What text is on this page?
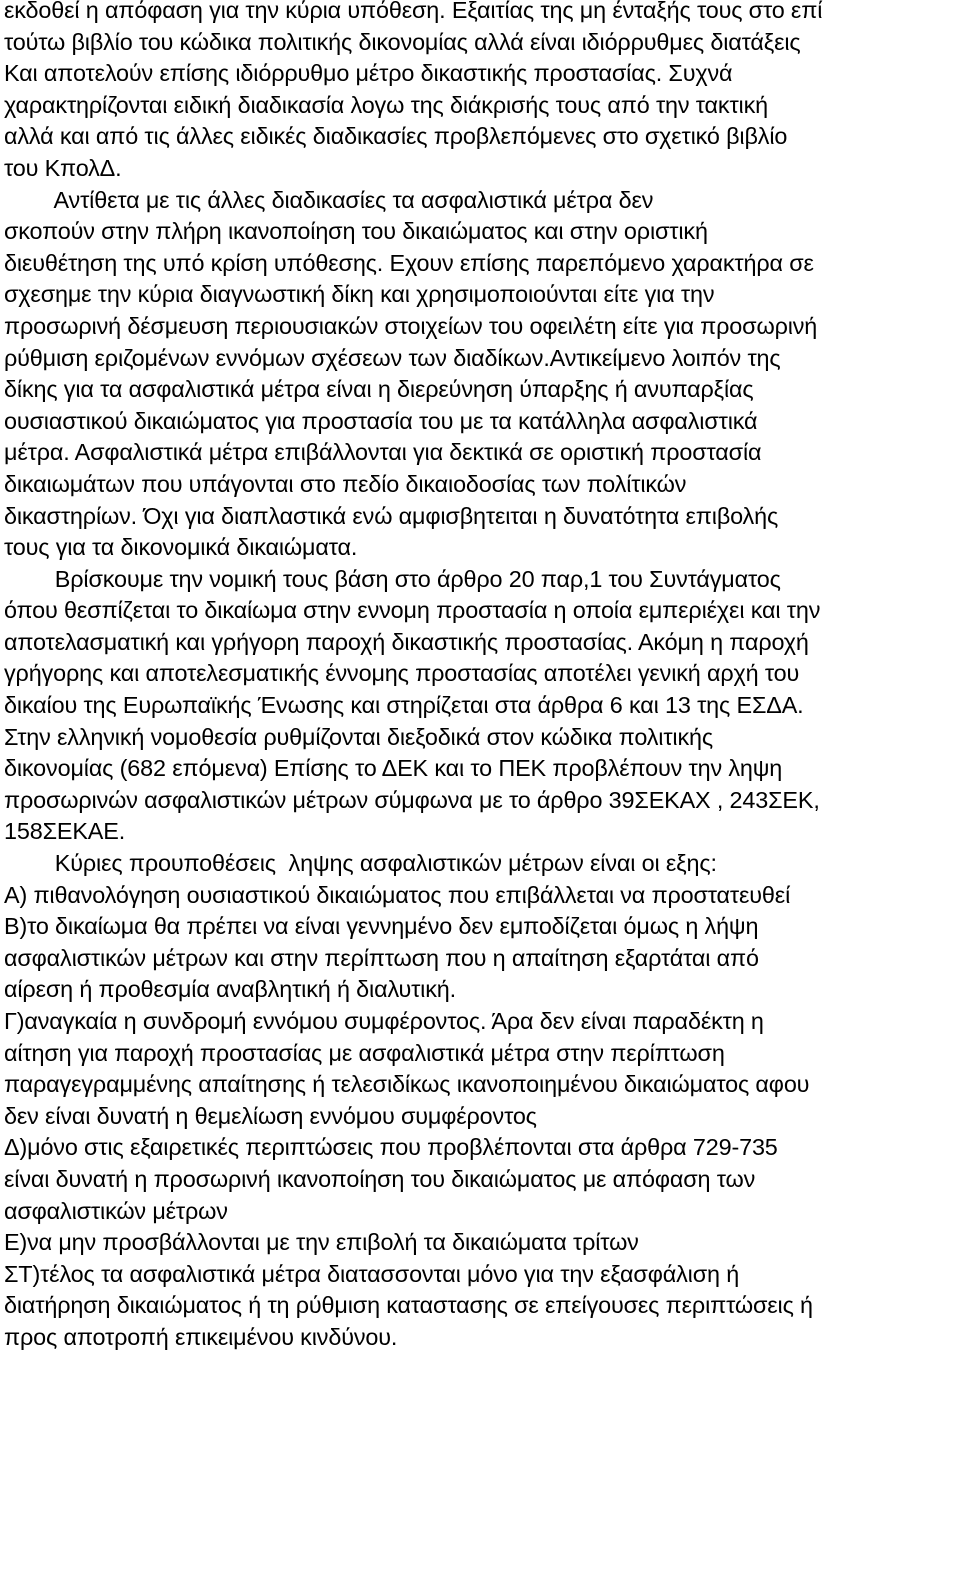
εκδοθεί η απόφαση για την κύρια υπόθεση. Εξαιτίας της μη ένταξής τους στο επί
τούτω βιβλίο του κώδικα πολιτικής δικονομίας αλλά είναι ιδιόρρυθμες διατάξεις
Και αποτελούν επίσης ιδιόρρυθμο μέτρο δικαστικής προστασίας. Συχνά
χαρακτηρίζονται ειδική διαδικασία λογω της διάκρισής τους από την τακτική
αλλά και από τις άλλες ειδικές διαδικασίες προβλεπόμενες στο σχετικό βιβλίο
του ΚπολΔ.
Αντίθετα με τις άλλες διαδικασίες τα ασφαλιστικά μέτρα δεν
σκοπούν στην πλήρη ικανοποίηση του δικαιώματος και στην οριστική
διευθέτηση της υπό κρίση υπόθεσης. Εχουν επίσης παρεπόμενο χαρακτήρα σε
σχεσημε την κύρια διαγνωστική δίκη και χρησιμοποιούνται είτε για την
προσωρινή δέσμευση περιουσιακών στοιχείων του οφειλέτη είτε για προσωρινή
ρύθμιση εριζομένων εννόμων σχέσεων των διαδίκων.Αντικείμενο λοιπόν της
δίκης για τα ασφαλιστικά μέτρα είναι η διερεύνηση ύπαρξης ή ανυπαρξίας
ουσιαστικού δικαιώματος για προστασία του με τα κατάλληλα ασφαλιστικά
μέτρα. Ασφαλιστικά μέτρα επιβάλλονται για δεκτικά σε οριστική προστασία
δικαιωμάτων που υπάγονται στο πεδίο δικαιοδοσίας των πολίτικών
δικαστηρίων. Όχι για διαπλαστικά ενώ αμφισβητειται η δυνατότητα επιβολής
τους για τα δικονομικά δικαιώματα.
Βρίσκουμε την νομική τους βάση στο άρθρο 20 παρ,1 του Συντάγματος
όπου θεσπίζεται το δικαίωμα στην εννομη προστασία η οποία εμπεριέχει και την
αποτελασματική και γρήγορη παροχή δικαστικής προστασίας. Ακόμη η παροχή
γρήγορης και αποτελεσματικής έννομης προστασίας αποτέλει γενική αρχή του
δικαίου της Ευρωπαϊκής Ένωσης και στηρίζεται στα άρθρα 6 και 13 της ΕΣΔΑ.
Στην ελληνική νομοθεσία ρυθμίζονται διεξοδικά στον κώδικα πολιτικής
δικονομίας (682 επόμενα) Επίσης το ΔΕΚ και το ΠΕΚ προβλέπουν την ληψη
προσωρινών ασφαλιστικών μέτρων σύμφωνα με το άρθρο 39ΣΕΚΑΧ , 243ΣΕΚ,
158ΣΕΚΑΕ.
Κύριες προυποθέσεις  ληψης ασφαλιστικών μέτρων είναι οι εξης:
Α) πιθανολόγηση ουσιαστικού δικαιώματος που επιβάλλεται να προστατευθεί
Β)το δικαίωμα θα πρέπει να είναι γεννημένο δεν εμποδίζεται όμως η λήψη
ασφαλιστικών μέτρων και στην περίπτωση που η απαίτηση εξαρτάται από
αίρεση ή προθεσμία αναβλητική ή διαλυτική.
Γ)αναγκαία η συνδρομή εννόμου συμφέροντος. Άρα δεν είναι παραδέκτη η
αίτηση για παροχή προστασίας με ασφαλιστικά μέτρα στην περίπτωση
παραγεγραμμένης απαίτησης ή τελεσιδίκως ικανοποιημένου δικαιώματος αφου
δεν είναι δυνατή η θεμελίωση εννόμου συμφέροντος
Δ)μόνο στις εξαιρετικές περιπτώσεις που προβλέπονται στα άρθρα 729-735
είναι δυνατή η προσωρινή ικανοποίηση του δικαιώματος με απόφαση των
ασφαλιστικών μέτρων
Ε)να μην προσβάλλονται με την επιβολή τα δικαιώματα τρίτων
ΣΤ)τέλος τα ασφαλιστικά μέτρα διατασσονται μόνο για την εξασφάλιση ή
διατήρηση δικαιώματος ή τη ρύθμιση καταστασης σε επείγουσες περιπτώσεις ή
προς αποτροπή επικειμένου κινδύνου.
